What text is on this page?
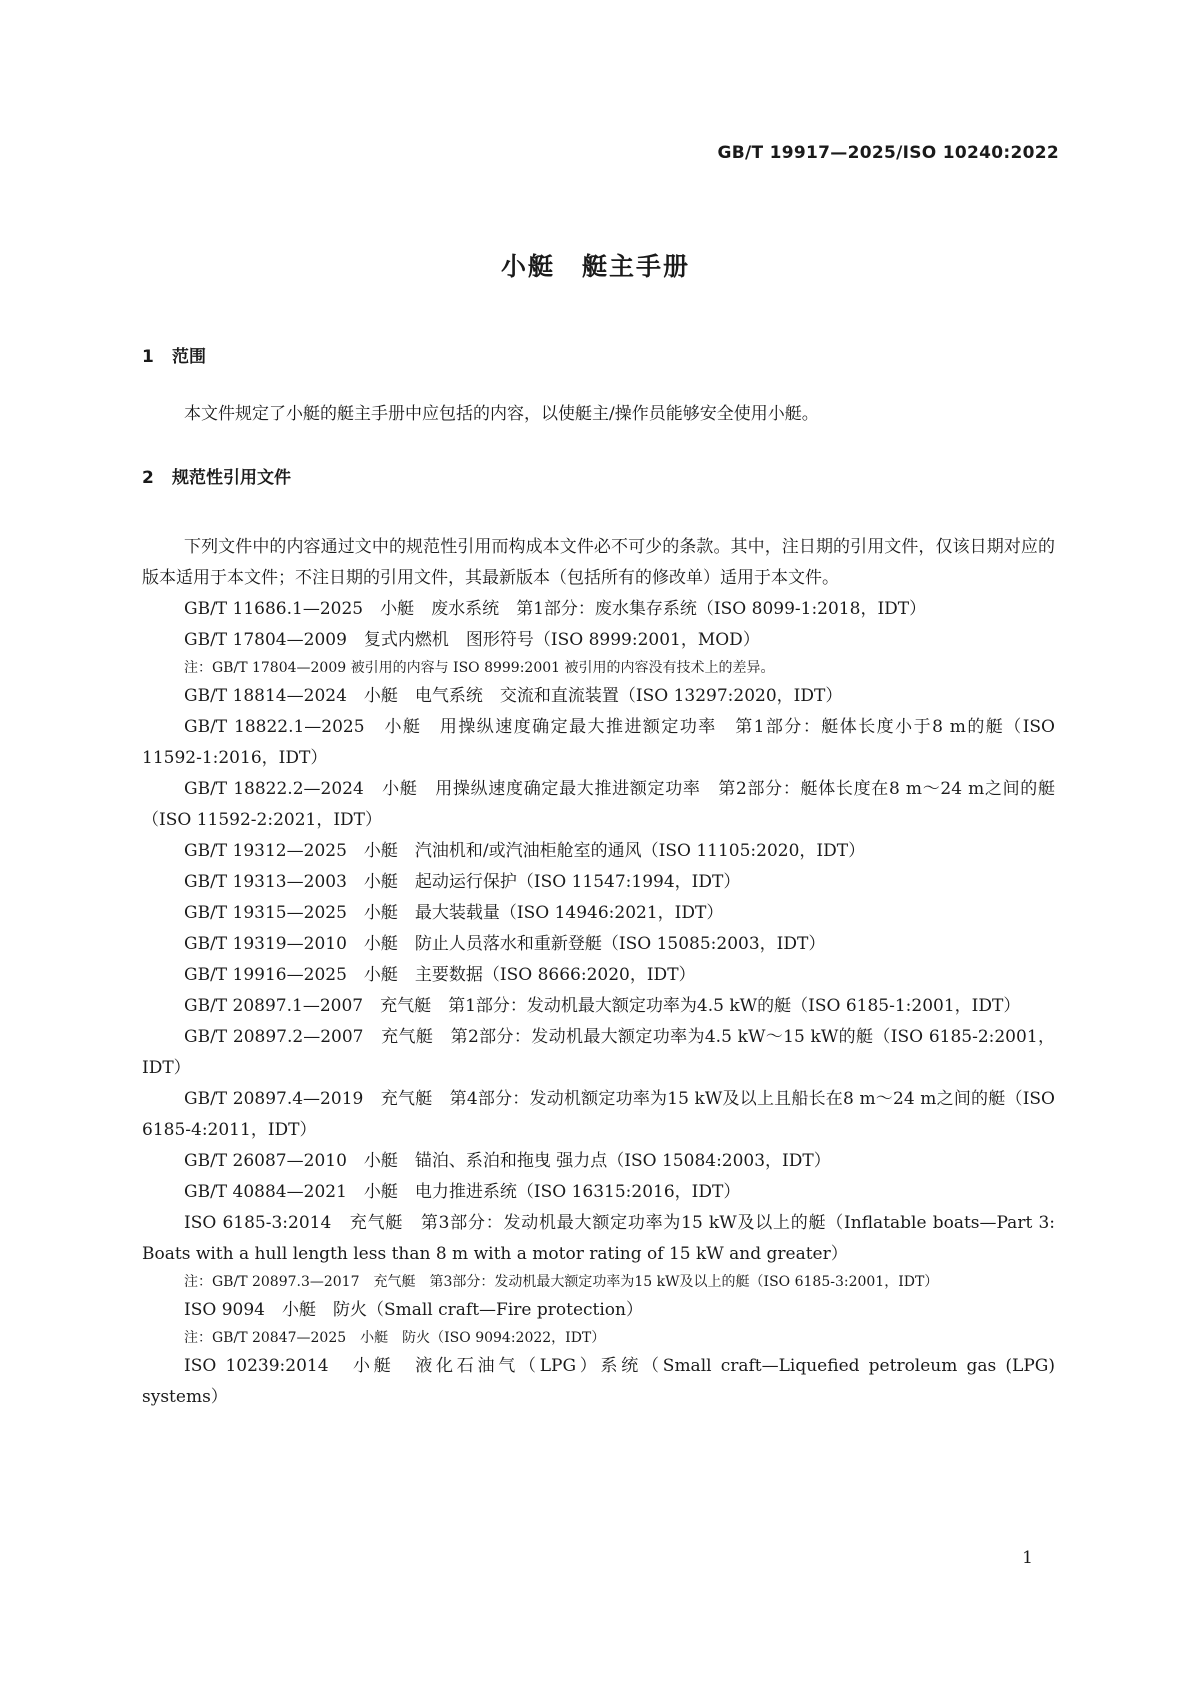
GB/T 19917—2025/ISO 10240:2022
小艇　艇主手册
1 范围
本文件规定了小艇的艇主手册中应包括的内容，以使艇主/操作员能够安全使用小艇。
2 规范性引用文件
下列文件中的内容通过文中的规范性引用而构成本文件必不可少的条款。其中，注日期的引用文件，仅该日期对应的版本适用于本文件；不注日期的引用文件，其最新版本（包括所有的修改单）适用于本文件。
GB/T 11686.1—2025　小艇　废水系统　第1部分：废水集存系统（ISO 8099-1:2018，IDT）
GB/T 17804—2009　复式内燃机　图形符号（ISO 8999:2001，MOD）
注：GB/T 17804—2009 被引用的内容与 ISO 8999:2001 被引用的内容没有技术上的差异。
GB/T 18814—2024　小艇　电气系统　交流和直流装置（ISO 13297:2020，IDT）
GB/T 18822.1—2025　小艇　用操纵速度确定最大推进额定功率　第1部分：艇体长度小于8 m的艇（ISO 11592-1:2016，IDT）
GB/T 18822.2—2024　小艇　用操纵速度确定最大推进额定功率　第2部分：艇体长度在8 m～24 m之间的艇（ISO 11592-2:2021，IDT）
GB/T 19312—2025　小艇　汽油机和/或汽油柜舱室的通风（ISO 11105:2020，IDT）
GB/T 19313—2003　小艇　起动运行保护（ISO 11547:1994，IDT）
GB/T 19315—2025　小艇　最大装载量（ISO 14946:2021，IDT）
GB/T 19319—2010　小艇　防止人员落水和重新登艇（ISO 15085:2003，IDT）
GB/T 19916—2025　小艇　主要数据（ISO 8666:2020，IDT）
GB/T 20897.1—2007　充气艇　第1部分：发动机最大额定功率为4.5 kW的艇（ISO 6185-1:2001，IDT）
GB/T 20897.2—2007　充气艇　第2部分：发动机最大额定功率为4.5 kW～15 kW的艇（ISO 6185-2:2001，IDT）
GB/T 20897.4—2019　充气艇　第4部分：发动机额定功率为15 kW及以上且船长在8 m～24 m之间的艇（ISO 6185-4:2011，IDT）
GB/T 26087—2010　小艇　锚泊、系泊和拖曳 强力点（ISO 15084:2003，IDT）
GB/T 40884—2021　小艇　电力推进系统（ISO 16315:2016，IDT）
ISO 6185-3:2014　充气艇　第3部分：发动机最大额定功率为15 kW及以上的艇（Inflatable boats—Part 3: Boats with a hull length less than 8 m with a motor rating of 15 kW and greater）
注：GB/T 20897.3—2017　充气艇　第3部分：发动机最大额定功率为15 kW及以上的艇（ISO 6185-3:2001，IDT）
ISO 9094　小艇　防火（Small craft—Fire protection）
注：GB/T 20847—2025　小艇　防火（ISO 9094:2022，IDT）
ISO 10239:2014　小艇　液化石油气（LPG）系统（Small craft—Liquefied petroleum gas (LPG) systems）
1
